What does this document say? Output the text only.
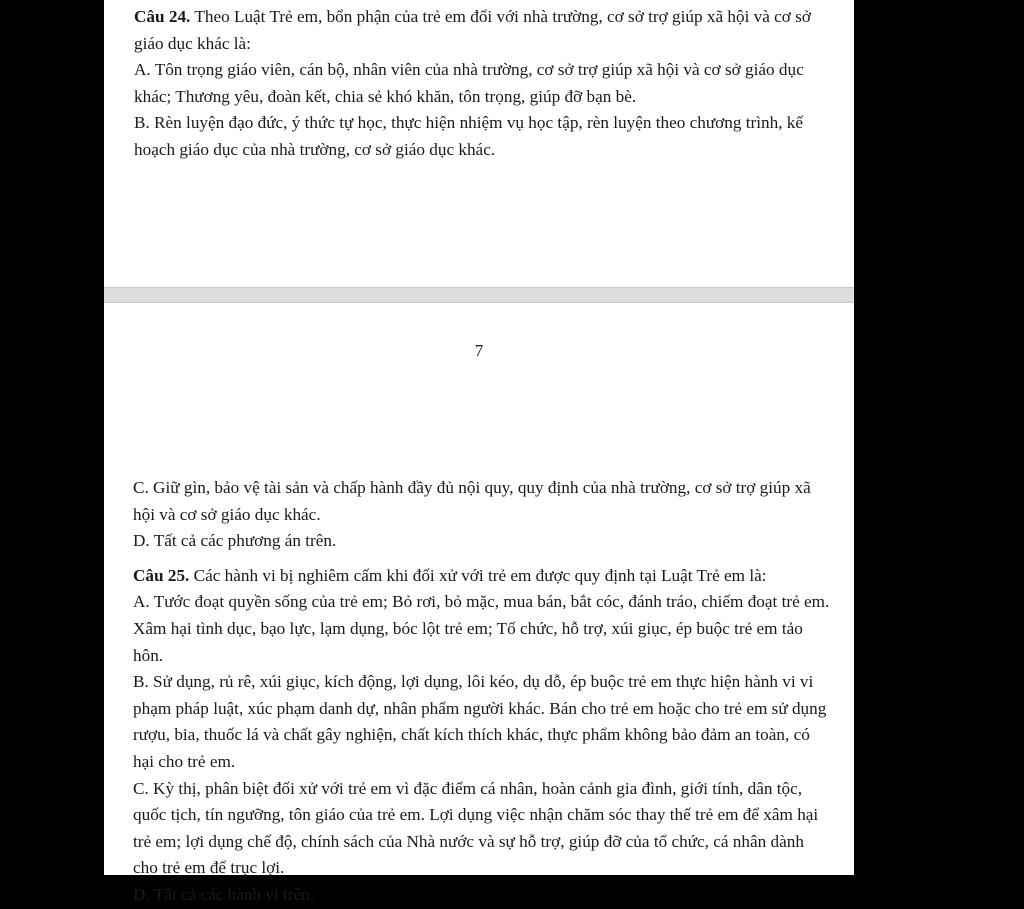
Câu 24. Theo Luật Trẻ em, bổn phận của trẻ em đối với nhà trường, cơ sở trợ giúp xã hội và cơ sở giáo dục khác là:

A. Tôn trọng giáo viên, cán bộ, nhân viên của nhà trường, cơ sở trợ giúp xã hội và cơ sở giáo dục khác; Thương yêu, đoàn kết, chia sẻ khó khăn, tôn trọng, giúp đỡ bạn bè.

B. Rèn luyện đạo đức, ý thức tự học, thực hiện nhiệm vụ học tập, rèn luyện theo chương trình, kế hoạch giáo dục của nhà trường, cơ sở giáo dục khác.

7

C. Giữ gìn, bảo vệ tài sản và chấp hành đầy đủ nội quy, quy định của nhà trường, cơ sở trợ giúp xã hội và cơ sở giáo dục khác.

D. Tất cả các phương án trên.

Câu 25. Các hành vi bị nghiêm cấm khi đối xử với trẻ em được quy định tại Luật Trẻ em là:

A. Tước đoạt quyền sống của trẻ em; Bỏ rơi, bỏ mặc, mua bán, bắt cóc, đánh tráo, chiếm đoạt trẻ em. Xâm hại tình dục, bạo lực, lạm dụng, bóc lột trẻ em; Tổ chức, hỗ trợ, xúi giục, ép buộc trẻ em tảo hôn.

B. Sử dụng, rủ rê, xúi giục, kích động, lợi dụng, lôi kéo, dụ dỗ, ép buộc trẻ em thực hiện hành vi vi phạm pháp luật, xúc phạm danh dự, nhân phẩm người khác. Bán cho trẻ em hoặc cho trẻ em sử dụng rượu, bia, thuốc lá và chất gây nghiện, chất kích thích khác, thực phẩm không bảo đảm an toàn, có hại cho trẻ em.

C. Kỳ thị, phân biệt đối xử với trẻ em vì đặc điểm cá nhân, hoàn cảnh gia đình, giới tính, dân tộc, quốc tịch, tín ngưỡng, tôn giáo của trẻ em. Lợi dụng việc nhận chăm sóc thay thế trẻ em để xâm hại trẻ em; lợi dụng chế độ, chính sách của Nhà nước và sự hỗ trợ, giúp đỡ của tổ chức, cá nhân dành cho trẻ em để trục lợi.

D. Tất cả các hành vi trên.
